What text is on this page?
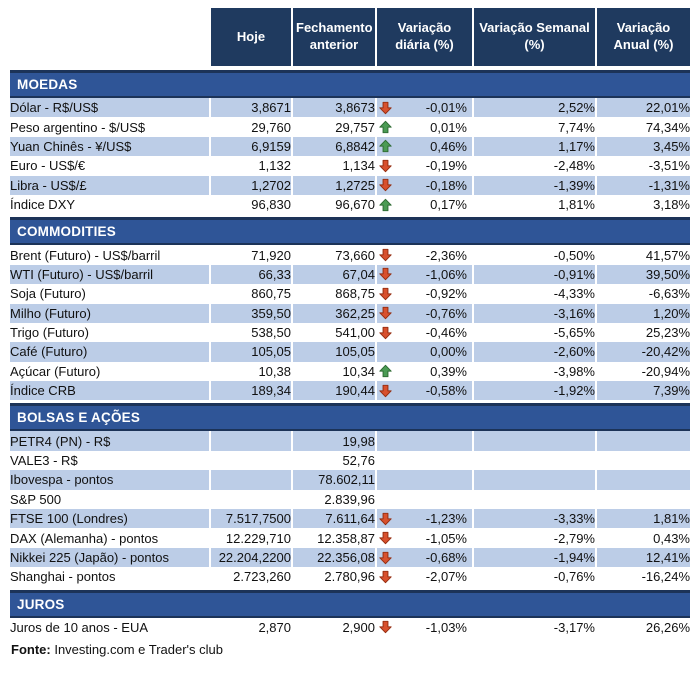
	Hoje	Fechamento anterior	Variação diária (%)	Variação Semanal (%)	Variação Anual (%)

MOEDAS					
Dólar - R$/US$	3,8671	3,8673	-0,01%	2,52%	22,01%
Peso argentino - $/US$	29,760	29,757	0,01%	7,74%	74,34%
Yuan Chinês - ¥/US$	6,9159	6,8842	0,46%	1,17%	3,45%
Euro - US$/€	1,132	1,134	-0,19%	-2,48%	-3,51%
Libra - US$/£	1,2702	1,2725	-0,18%	-1,39%	-1,31%
Índice DXY	96,830	96,670	0,17%	1,81%	3,18%

COMMODITIES					
Brent (Futuro) - US$/barril	71,920	73,660	-2,36%	-0,50%	41,57%
WTI (Futuro) - US$/barril	66,33	67,04	-1,06%	-0,91%	39,50%
Soja (Futuro)	860,75	868,75	-0,92%	-4,33%	-6,63%
Milho (Futuro)	359,50	362,25	-0,76%	-3,16%	1,20%
Trigo (Futuro)	538,50	541,00	-0,46%	-5,65%	25,23%
Café (Futuro)	105,05	105,05	0,00%	-2,60%	-20,42%
Açúcar (Futuro)	10,38	10,34	0,39%	-3,98%	-20,94%
Índice CRB	189,34	190,44	-0,58%	-1,92%	7,39%

BOLSAS E AÇÕES					
PETR4 (PN) - R$		19,98	

VALE3 - R$		52,76	

Ibovespa - pontos		78.602,11	

S&P 500		2.839,96	

FTSE 100 (Londres)	7.517,7500	7.611,64	-1,23%	-3,33%	1,81%
DAX (Alemanha) - pontos	12.229,710	12.358,87	-1,05%	-2,79%	0,43%
Nikkei 225 (Japão) - pontos	22.204,2200	22.356,08	-0,68%	-1,94%	12,41%
Shanghai - pontos	2.723,260	2.780,96	-2,07%	-0,76%	-16,24%

JUROS					
Juros de 10 anos - EUA	2,870	2,900	-1,03%	-3,17%	26,26%
Fonte: Investing.com e Trader's club
